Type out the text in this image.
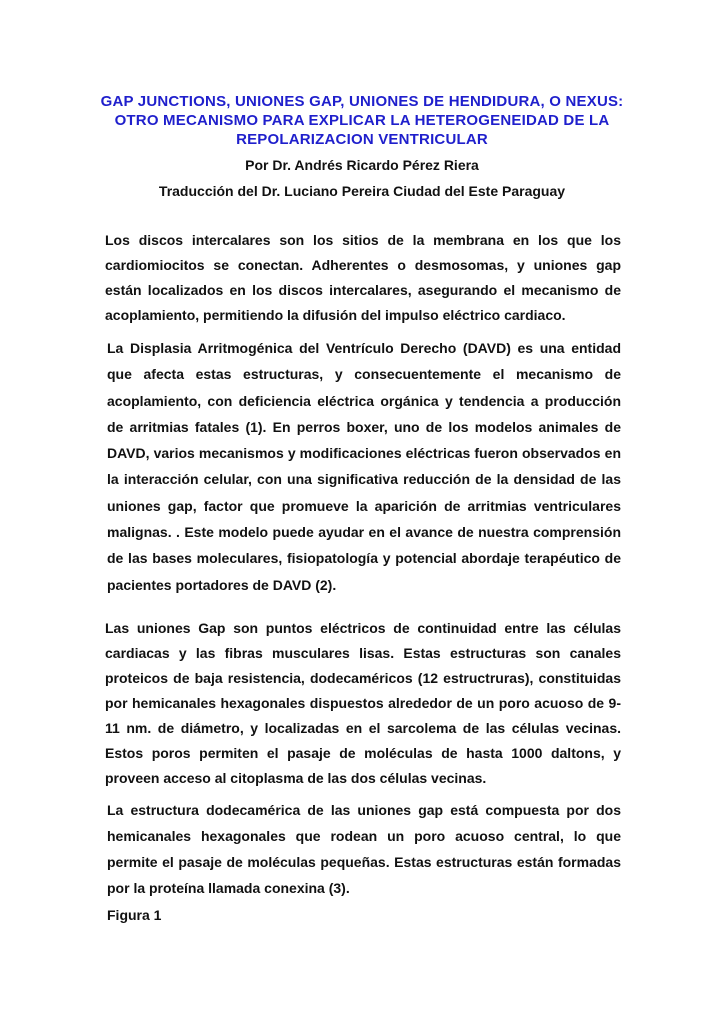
GAP JUNCTIONS, UNIONES GAP, UNIONES DE HENDIDURA, O NEXUS: OTRO MECANISMO PARA EXPLICAR LA HETEROGENEIDAD DE LA REPOLARIZACION VENTRICULAR
Por Dr. Andrés Ricardo Pérez Riera
Traducción del Dr. Luciano Pereira Ciudad del Este Paraguay
Los discos intercalares son los sitios de la membrana en los que los cardiomiocitos se conectan. Adherentes o desmosomas, y uniones gap están localizados en los discos intercalares, asegurando el mecanismo de acoplamiento, permitiendo la difusión del impulso eléctrico cardiaco.
La Displasia Arritmogénica del Ventrículo Derecho (DAVD) es una entidad que afecta estas estructuras, y consecuentemente el mecanismo de acoplamiento, con deficiencia eléctrica orgánica y tendencia a producción de arritmias fatales (1). En perros boxer, uno de los modelos animales de DAVD, varios mecanismos y modificaciones eléctricas fueron observados en la interacción celular, con una significativa reducción de la densidad de las uniones gap, factor que promueve la aparición de arritmias ventriculares malignas. . Este modelo puede ayudar en el avance de nuestra comprensión de las bases moleculares, fisiopatología y potencial abordaje terapéutico de pacientes portadores de DAVD (2).
Las uniones Gap son puntos eléctricos de continuidad entre las células cardiacas y las fibras musculares lisas. Estas estructuras son canales proteicos de baja resistencia, dodecaméricos (12 estructruras), constituidas por hemicanales hexagonales dispuestos alrededor de un poro acuoso de 9-11 nm. de diámetro, y localizadas en el sarcolema de las células vecinas. Estos poros permiten el pasaje de moléculas de hasta 1000 daltons, y proveen acceso al citoplasma de las dos células vecinas.
La estructura dodecamérica de las uniones gap está compuesta por dos hemicanales hexagonales que rodean un poro acuoso central, lo que permite el pasaje de moléculas pequeñas. Estas estructuras están formadas por la proteína llamada conexina (3).
Figura 1
